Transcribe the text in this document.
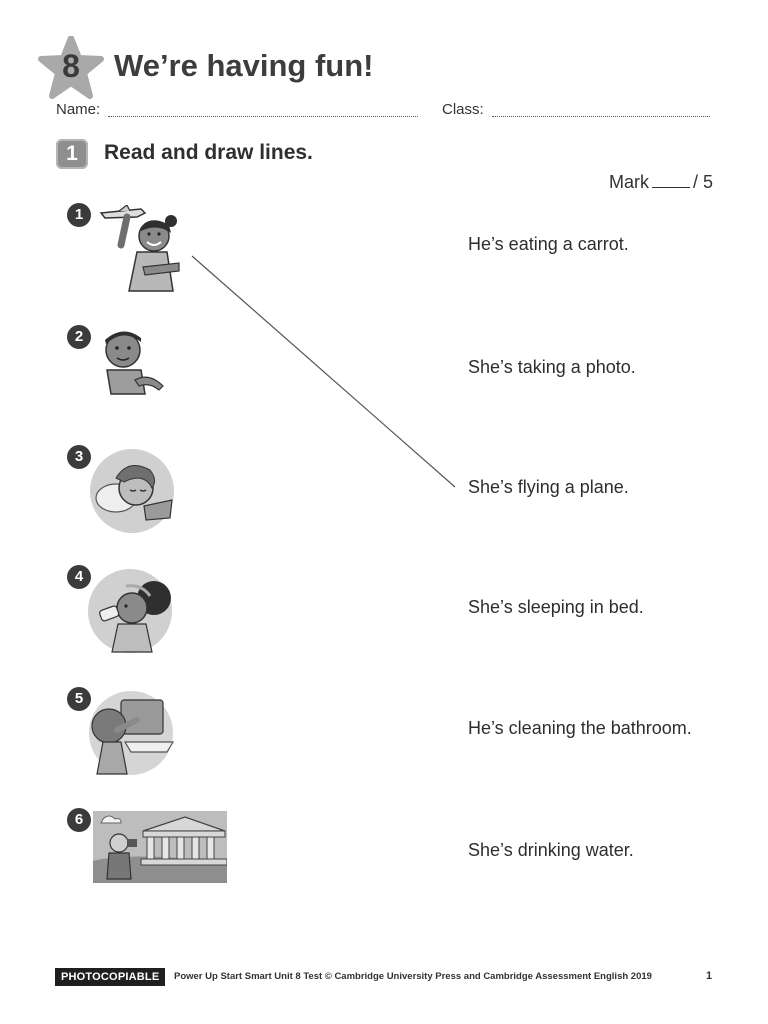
8	We’re having fun!
Name:	Class:
1	Read and draw lines.
Mark / 5
1
He’s eating a carrot.
2
She’s taking a photo.
3
She’s flying a plane.
4
She’s sleeping in bed.
5
He’s cleaning the bathroom.
6
She’s drinking water.
PHOTOCOPIABLE	Power Up Start Smart Unit 8 Test © Cambridge University Press and Cambridge Assessment English 2019	1
